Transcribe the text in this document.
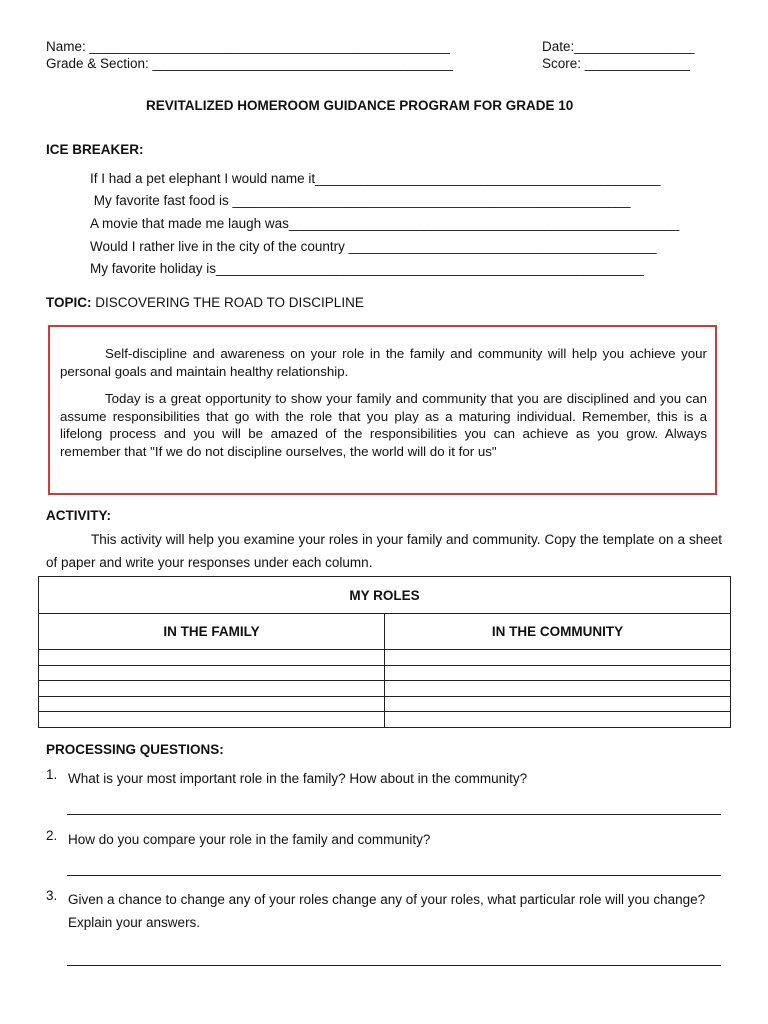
Name: ________________________________________________
Grade & Section: ________________________________________
Date:________________
Score: ______________
REVITALIZED HOMEROOM GUIDANCE PROGRAM FOR GRADE 10
ICE BREAKER:
If I had a pet elephant I would name it______________________________________________
My favorite fast food is _____________________________________________________
A movie that made me laugh was____________________________________________________
Would I rather live in the city of the country _________________________________________
My favorite holiday is_________________________________________________________
TOPIC: DISCOVERING THE ROAD TO DISCIPLINE

Self-discipline and awareness on your role in the family and community will help you achieve your personal goals and maintain healthy relationship.

Today is a great opportunity to show your family and community that you are disciplined and you can assume responsibilities that go with the role that you play as a maturing individual. Remember, this is a lifelong process and you will be amazed of the responsibilities you can achieve as you grow. Always remember that "If we do not discipline ourselves, the world will do it for us"

ACTIVITY:
This activity will help you examine your roles in your family and community. Copy the template on a sheet of paper and write your responses under each column.
MY ROLES	
IN THE FAMILY	IN THE COMMUNITY

PROCESSING QUESTIONS:
1. What is your most important role in the family? How about in the community?
2. How do you compare your role in the family and community?
3. Given a chance to change any of your roles change any of your roles, what particular role will you change? Explain your answers.
